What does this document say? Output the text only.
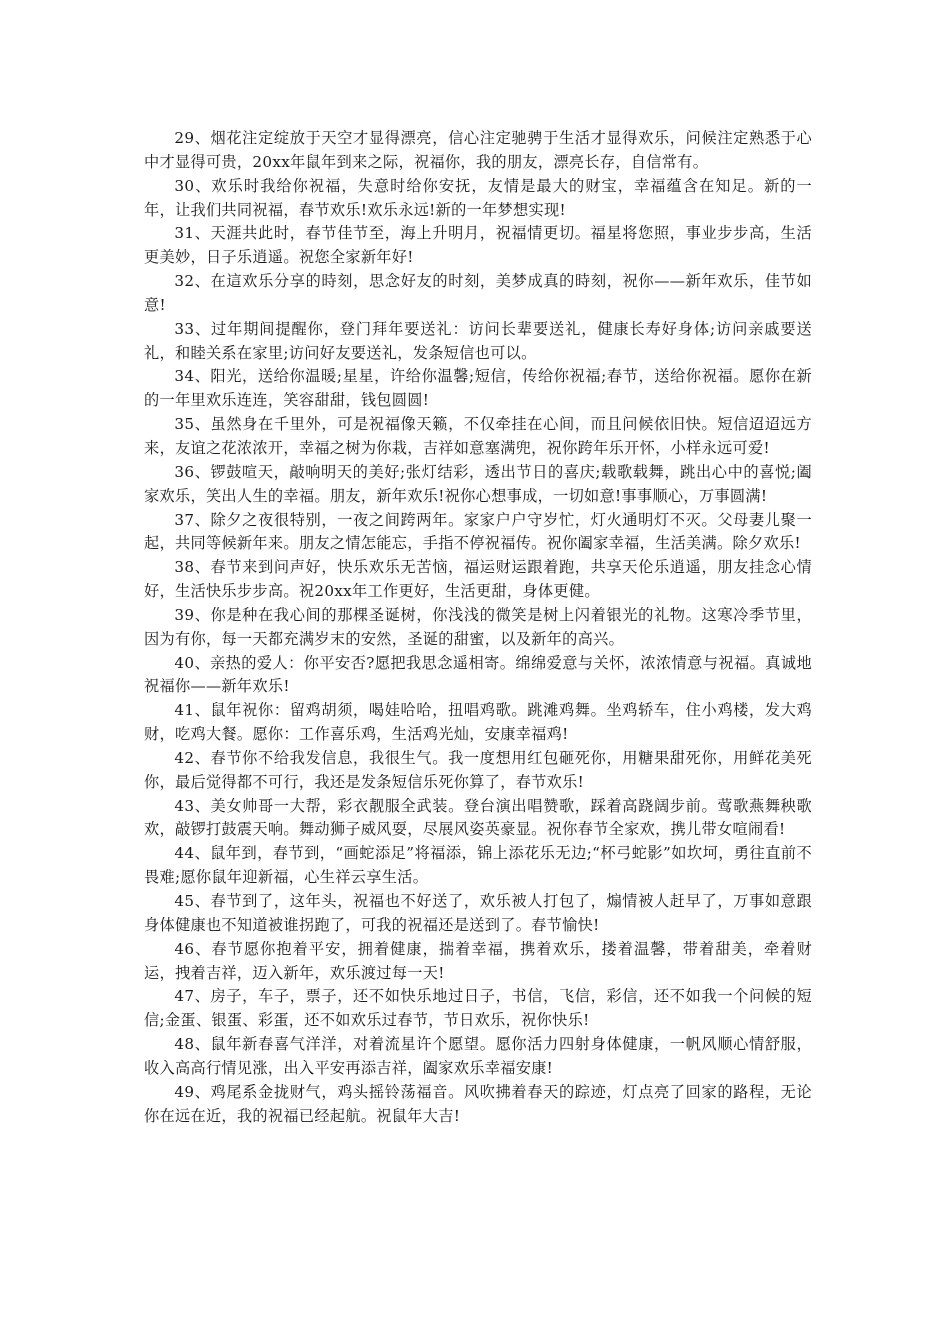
29、烟花注定绽放于天空才显得漂亮，信心注定驰骋于生活才显得欢乐，问候注定熟悉于心中才显得可贵，20xx年鼠年到来之际，祝福你，我的朋友，漂亮长存，自信常有。

30、欢乐时我给你祝福，失意时给你安抚，友情是最大的财宝，幸福蕴含在知足。新的一年，让我们共同祝福，春节欢乐!欢乐永远!新的一年梦想实现!

31、天涯共此时，春节佳节至，海上升明月，祝福情更切。福星将您照，事业步步高，生活更美妙，日子乐逍遥。祝您全家新年好!

32、在這欢乐分享的時刻，思念好友的时刻，美梦成真的時刻，祝你——新年欢乐，佳节如意!

33、过年期间提醒你，登门拜年要送礼：访问长辈要送礼，健康长寿好身体;访问亲戚要送礼，和睦关系在家里;访问好友要送礼，发条短信也可以。

34、阳光，送给你温暖;星星，许给你温馨;短信，传给你祝福;春节，送给你祝福。愿你在新的一年里欢乐连连，笑容甜甜，钱包圆圆!

35、虽然身在千里外，可是祝福像天籁，不仅牵挂在心间，而且问候依旧快。短信迢迢远方来，友谊之花浓浓开，幸福之树为你栽，吉祥如意塞满兜，祝你跨年乐开怀，小样永远可爱!

36、锣鼓喧天，敲响明天的美好;张灯结彩，透出节日的喜庆;载歌载舞，跳出心中的喜悦;阖家欢乐，笑出人生的幸福。朋友，新年欢乐!祝你心想事成，一切如意!事事顺心，万事圆满!

37、除夕之夜很特别，一夜之间跨两年。家家户户守岁忙，灯火通明灯不灭。父母妻儿聚一起，共同等候新年来。朋友之情怎能忘，手指不停祝福传。祝你阖家幸福，生活美满。除夕欢乐!

38、春节来到问声好，快乐欢乐无苦恼，福运财运跟着跑，共享天伦乐逍遥，朋友挂念心情好，生活快乐步步高。祝20xx年工作更好，生活更甜，身体更健。

39、你是种在我心间的那棵圣诞树，你浅浅的微笑是树上闪着银光的礼物。这寒冷季节里，因为有你，每一天都充满岁末的安然，圣诞的甜蜜，以及新年的高兴。

40、亲热的爱人：你平安否?愿把我思念遥相寄。绵绵爱意与关怀，浓浓情意与祝福。真诚地祝福你——新年欢乐!

41、鼠年祝你：留鸡胡须，喝娃哈哈，扭唱鸡歌。跳滩鸡舞。坐鸡轿车，住小鸡楼，发大鸡财，吃鸡大餐。愿你：工作喜乐鸡，生活鸡光灿，安康幸福鸡!

42、春节你不给我发信息，我很生气。我一度想用红包砸死你，用糖果甜死你，用鲜花美死你，最后觉得都不可行，我还是发条短信乐死你算了，春节欢乐!

43、美女帅哥一大帮，彩衣靓服全武装。登台演出唱赞歌，踩着高跷阔步前。莺歌燕舞秧歌欢，敲锣打鼓震天响。舞动狮子威风耍，尽展风姿英豪显。祝你春节全家欢，携儿带女喧闹看!

44、鼠年到，春节到，“画蛇添足”将福添，锦上添花乐无边;“杯弓蛇影”如坎坷，勇往直前不畏难;愿你鼠年迎新福，心生祥云享生活。

45、春节到了，这年头，祝福也不好送了，欢乐被人打包了，煽情被人赶早了，万事如意跟身体健康也不知道被谁拐跑了，可我的祝福还是送到了。春节愉快!

46、春节愿你抱着平安，拥着健康，揣着幸福，携着欢乐，搂着温馨，带着甜美，牵着财运，拽着吉祥，迈入新年，欢乐渡过每一天!

47、房子，车子，票子，还不如快乐地过日子，书信，飞信，彩信，还不如我一个问候的短信;金蛋、银蛋、彩蛋，还不如欢乐过春节，节日欢乐，祝你快乐!

48、鼠年新春喜气洋洋，对着流星许个愿望。愿你活力四射身体健康，一帆风顺心情舒服，收入高高行情见涨，出入平安再添吉祥，阖家欢乐幸福安康!

49、鸡尾系金拢财气，鸡头摇铃荡福音。风吹拂着春天的踪迹，灯点亮了回家的路程，无论你在远在近，我的祝福已经起航。祝鼠年大吉!
